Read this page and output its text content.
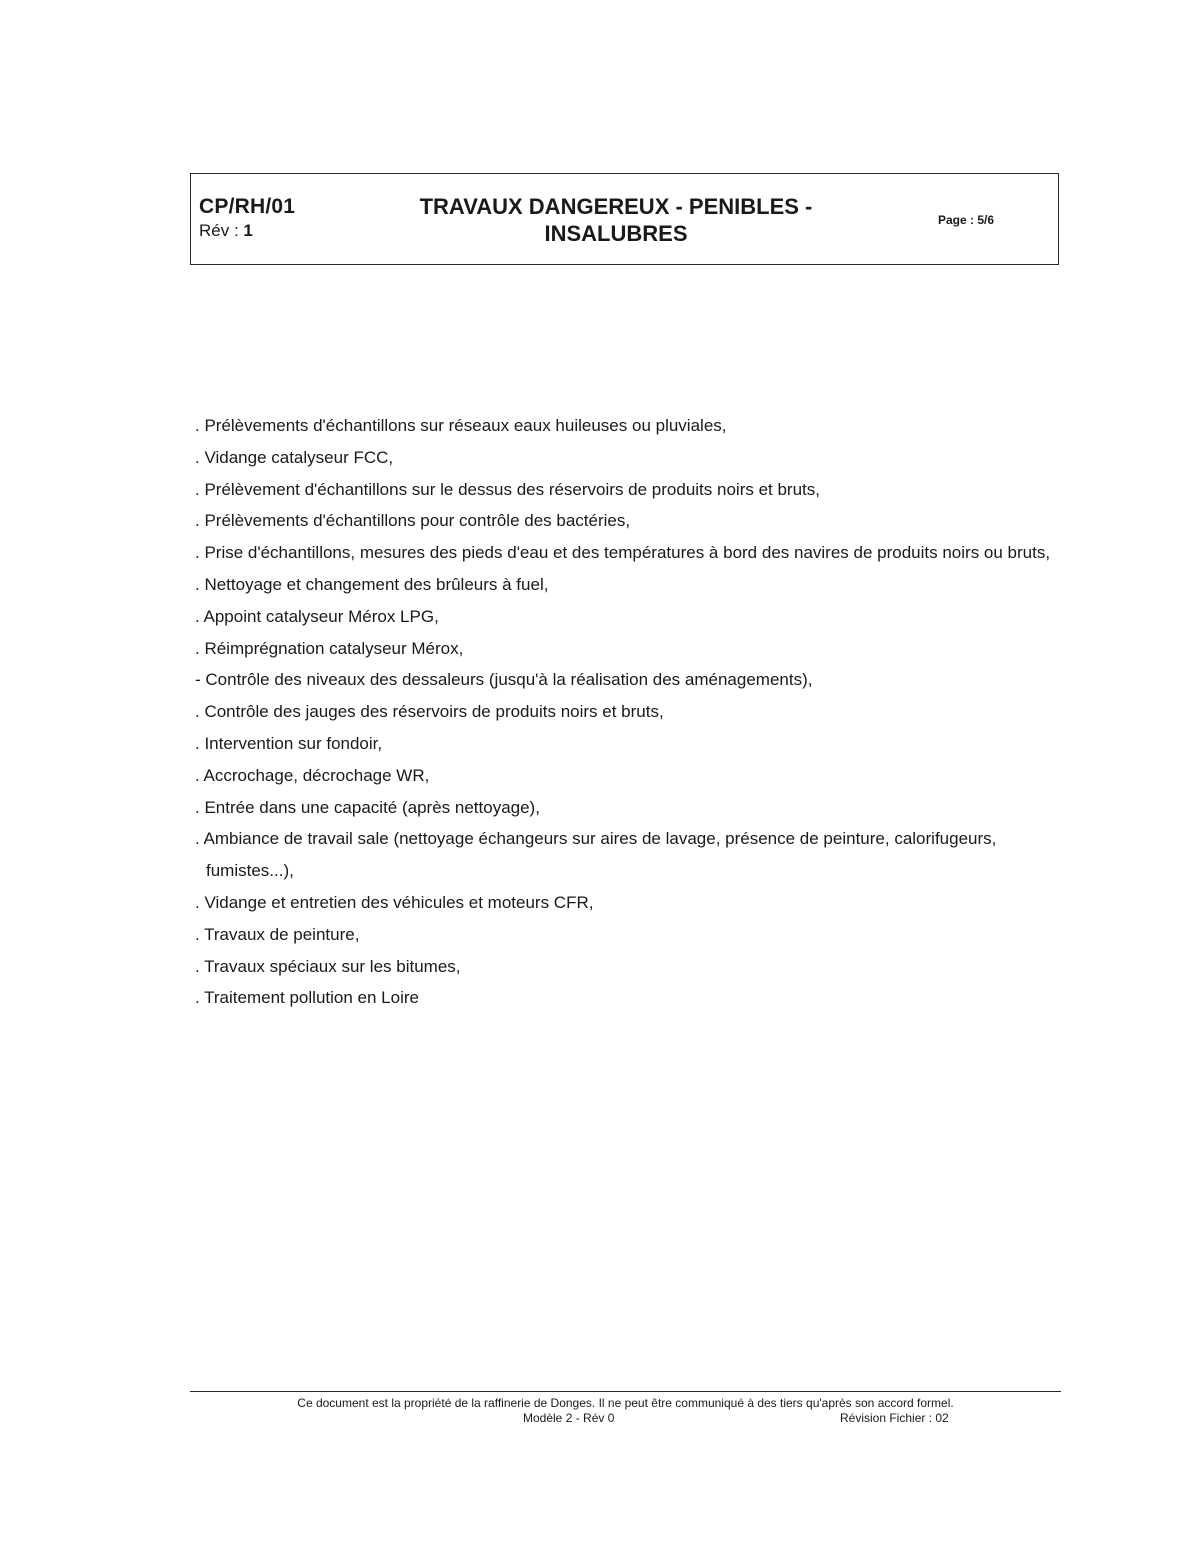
CP/RH/01
Rév : 1
TRAVAUX DANGEREUX - PENIBLES -
INSALUBRES
Page : 5/6
. Prélèvements d'échantillons sur réseaux eaux huileuses ou pluviales,
. Vidange catalyseur FCC,
. Prélèvement d'échantillons sur le dessus des réservoirs de produits noirs et bruts,
. Prélèvements d'échantillons pour contrôle des bactéries,
. Prise d'échantillons, mesures des pieds d'eau et des températures à bord des navires de produits noirs ou bruts,
. Nettoyage et changement des brûleurs à fuel,
. Appoint catalyseur Mérox LPG,
. Réimprégnation catalyseur Mérox,
- Contrôle des niveaux des dessaleurs (jusqu'à la réalisation des aménagements),
. Contrôle des jauges des réservoirs de produits noirs et bruts,
. Intervention sur fondoir,
. Accrochage, décrochage WR,
. Entrée dans une capacité (après nettoyage),
. Ambiance de travail sale (nettoyage échangeurs sur aires de lavage, présence de peinture, calorifugeurs, fumistes...),
. Vidange et entretien des véhicules et moteurs CFR,
. Travaux de peinture,
. Travaux spéciaux sur les bitumes,
. Traitement pollution en Loire
Ce document est la propriété de la raffinerie de Donges. Il ne peut être communiqué à des tiers qu'après son accord formel.
Modèle 2 - Rév 0	Révision Fichier : 02
